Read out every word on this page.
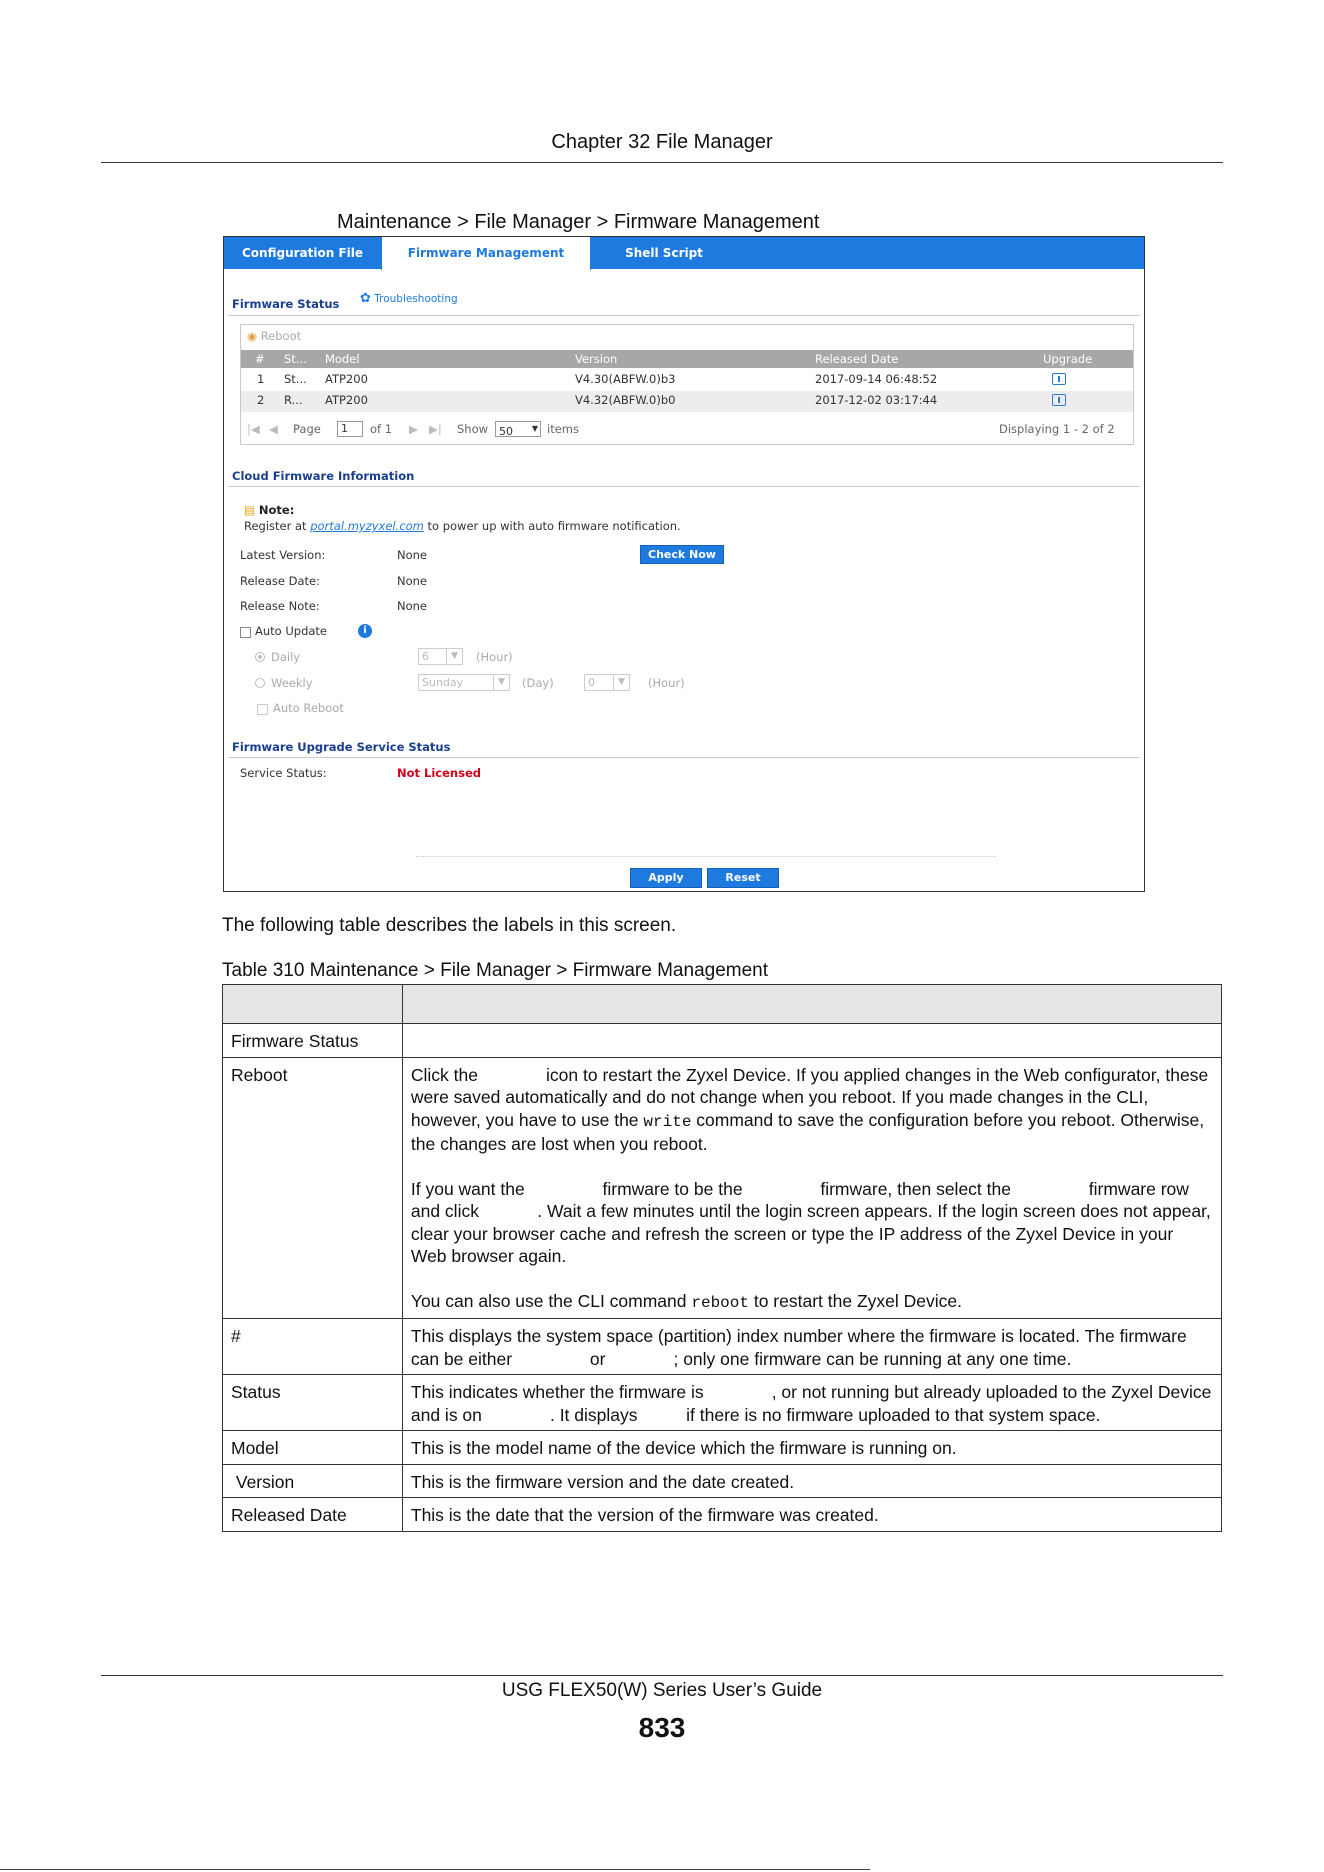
Chapter 32 File Manager
Maintenance > File Manager > Firmware Management
Configuration File	Firmware Management	Shell Script
Firmware Status ✿ Troubleshooting
◉ Reboot
# St... Model	Version	Released Date	Upgrade
1 St... ATP200	V4.30(ABFW.0)b3	2017-09-14 06:48:52
2 R... ATP200	V4.32(ABFW.0)b0	2017-12-02 03:17:44
|◀ ◀ Page	1	of 1 ▶ ▶| Show 50 ▼ items	Displaying 1 - 2 of 2
Cloud Firmware Information
▤ Note:
Register at portal.myzyxel.com to power up with auto firmware notification.
Latest Version:	None	Check Now
Release Date:	None
Release Note:	None
Auto Update	i
Daily	6	▼	(Hour)
Weekly	Sunday	▼	(Day)	0	▼	(Hour)
Auto Reboot
Firmware Upgrade Service Status
Service Status:	Not Licensed
Apply	Reset
The following table describes the labels in this screen.
Table 310 Maintenance > File Manager > Firmware Management

Firmware Status	
Reboot	Click the              icon to restart the Zyxel Device. If you applied changes in the Web configurator, these were saved automatically and do not change when you reboot. If you made changes in the CLI, however, you have to use the write command to save the configuration before you reboot. Otherwise, the changes are lost when you reboot.
If you want the                firmware to be the                firmware, then select the                firmware row and click            . Wait a few minutes until the login screen appears. If the login screen does not appear, clear your browser cache and refresh the screen or type the IP address of the Zyxel Device in your Web browser again.
You can also use the CLI command reboot to restart the Zyxel Device.

#	This displays the system space (partition) index number where the firmware is located. The firmware can be either                or              ; only one firmware can be running at any one time.
Status	This indicates whether the firmware is              , or not running but already uploaded to the Zyxel Device and is on              . It displays          if there is no firmware uploaded to that system space.
Model	This is the model name of the device which the firmware is running on.
Version	This is the firmware version and the date created.
Released Date	This is the date that the version of the firmware was created.
USG FLEX50(W) Series User’s Guide
833
